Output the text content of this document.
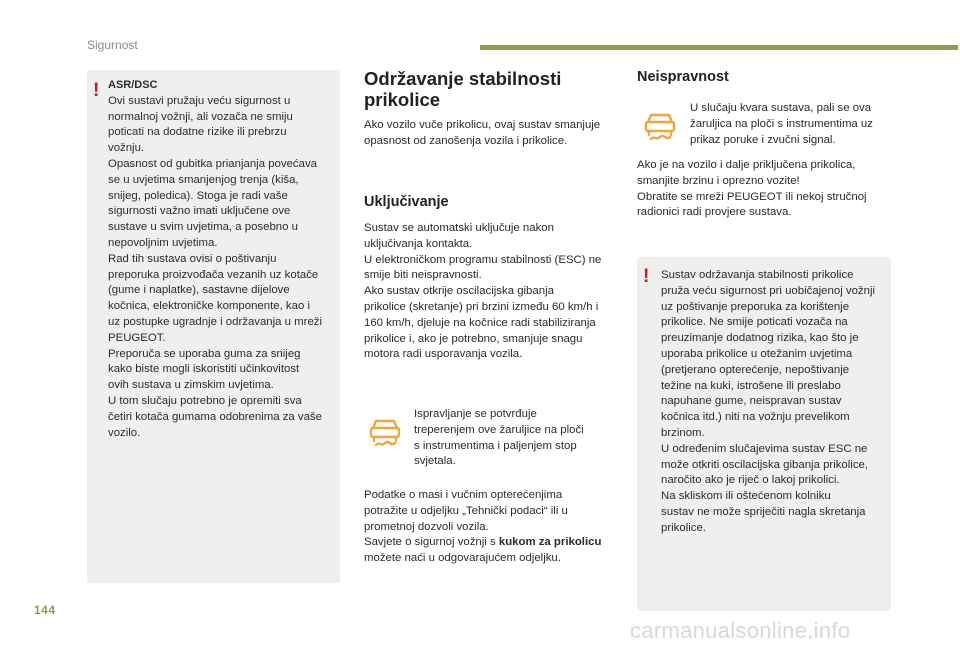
Sigurnost
! ASR/DSC
Ovi sustavi pružaju veću sigurnost u
normalnoj vožnji, ali vozača ne smiju
poticati na dodatne rizike ili prebrzu
vožnju.
Opasnost od gubitka prianjanja povećava
se u uvjetima smanjenjog trenja (kiša,
snijeg, poledica). Stoga je radi vaše
sigurnosti važno imati uključene ove
sustave u svim uvjetima, a posebno u
nepovoljnim uvjetima.
Rad tih sustava ovisi o poštivanju
preporuka proizvođača vezanih uz kotače
(gume i naplatke), sastavne dijelove
kočnica, elektroničke komponente, kao i
uz postupke ugradnje i održavanja u mreži
PEUGEOT.
Preporuča se uporaba guma za snijeg
kako biste mogli iskoristiti učinkovitost
ovih sustava u zimskim uvjetima.
U tom slučaju potrebno je opremiti sva
četiri kotača gumama odobrenima za vaše
vozilo.

Održavanje stabilnosti
prikolice

Ako vozilo vuče prikolicu, ovaj sustav smanjuje
opasnost od zanošenja vozila i prikolice.

Uključivanje

Sustav se automatski uključuje nakon
uključivanja kontakta.
U elektroničkom programu stabilnosti (ESC) ne
smije biti neispravnosti.
Ako sustav otkrije oscilacijska gibanja
prikolice (skretanje) pri brzini između 60 km/h i
160 km/h, djeluje na kočnice radi stabiliziranja
prikolice i, ako je potrebno, smanjuje snagu
motora radi usporavanja vozila.

Ispravljanje se potvrđuje
treperenjem ove žaruljice na ploči
s instrumentima i paljenjem stop
svjetala.

Podatke o masi i vučnim opterećenjima
potražite u odjeljku „Tehnički podaci“ ili u
prometnoj dozvoli vozila.
Savjete o sigurnoj vožnji s kukom za prikolicu
možete naći u odgovarajućem odjeljku.

Neispravnost

U slučaju kvara sustava, pali se ova
žaruljica na ploči s instrumentima uz
prikaz poruke i zvučni signal.

Ako je na vozilo i dalje priključena prikolica,
smanjite brzinu i oprezno vozite!
Obratite se mreži PEUGEOT ili nekoj stručnoj
radionici radi provjere sustava.

! Sustav održavanja stabilnosti prikolice
pruža veću sigurnost pri uobičajenoj vožnji
uz poštivanje preporuka za korištenje
prikolice. Ne smije poticati vozača na
preuzimanje dodatnog rizika, kao što je
uporaba prikolice u otežanim uvjetima
(pretjerano opterećenje, nepoštivanje
težine na kuki, istrošene ili preslabo
napuhane gume, neispravan sustav
kočnica itd.) niti na vožnju prevelikom
brzinom.
U određenim slučajevima sustav ESC ne
može otkriti oscilacijska gibanja prikolice,
naročito ako je riječ o lakoj prikolici.
Na skliskom ili oštećenom kolniku
sustav ne može spriječiti nagla skretanja
prikolice.

144
carmanualsonline.info
